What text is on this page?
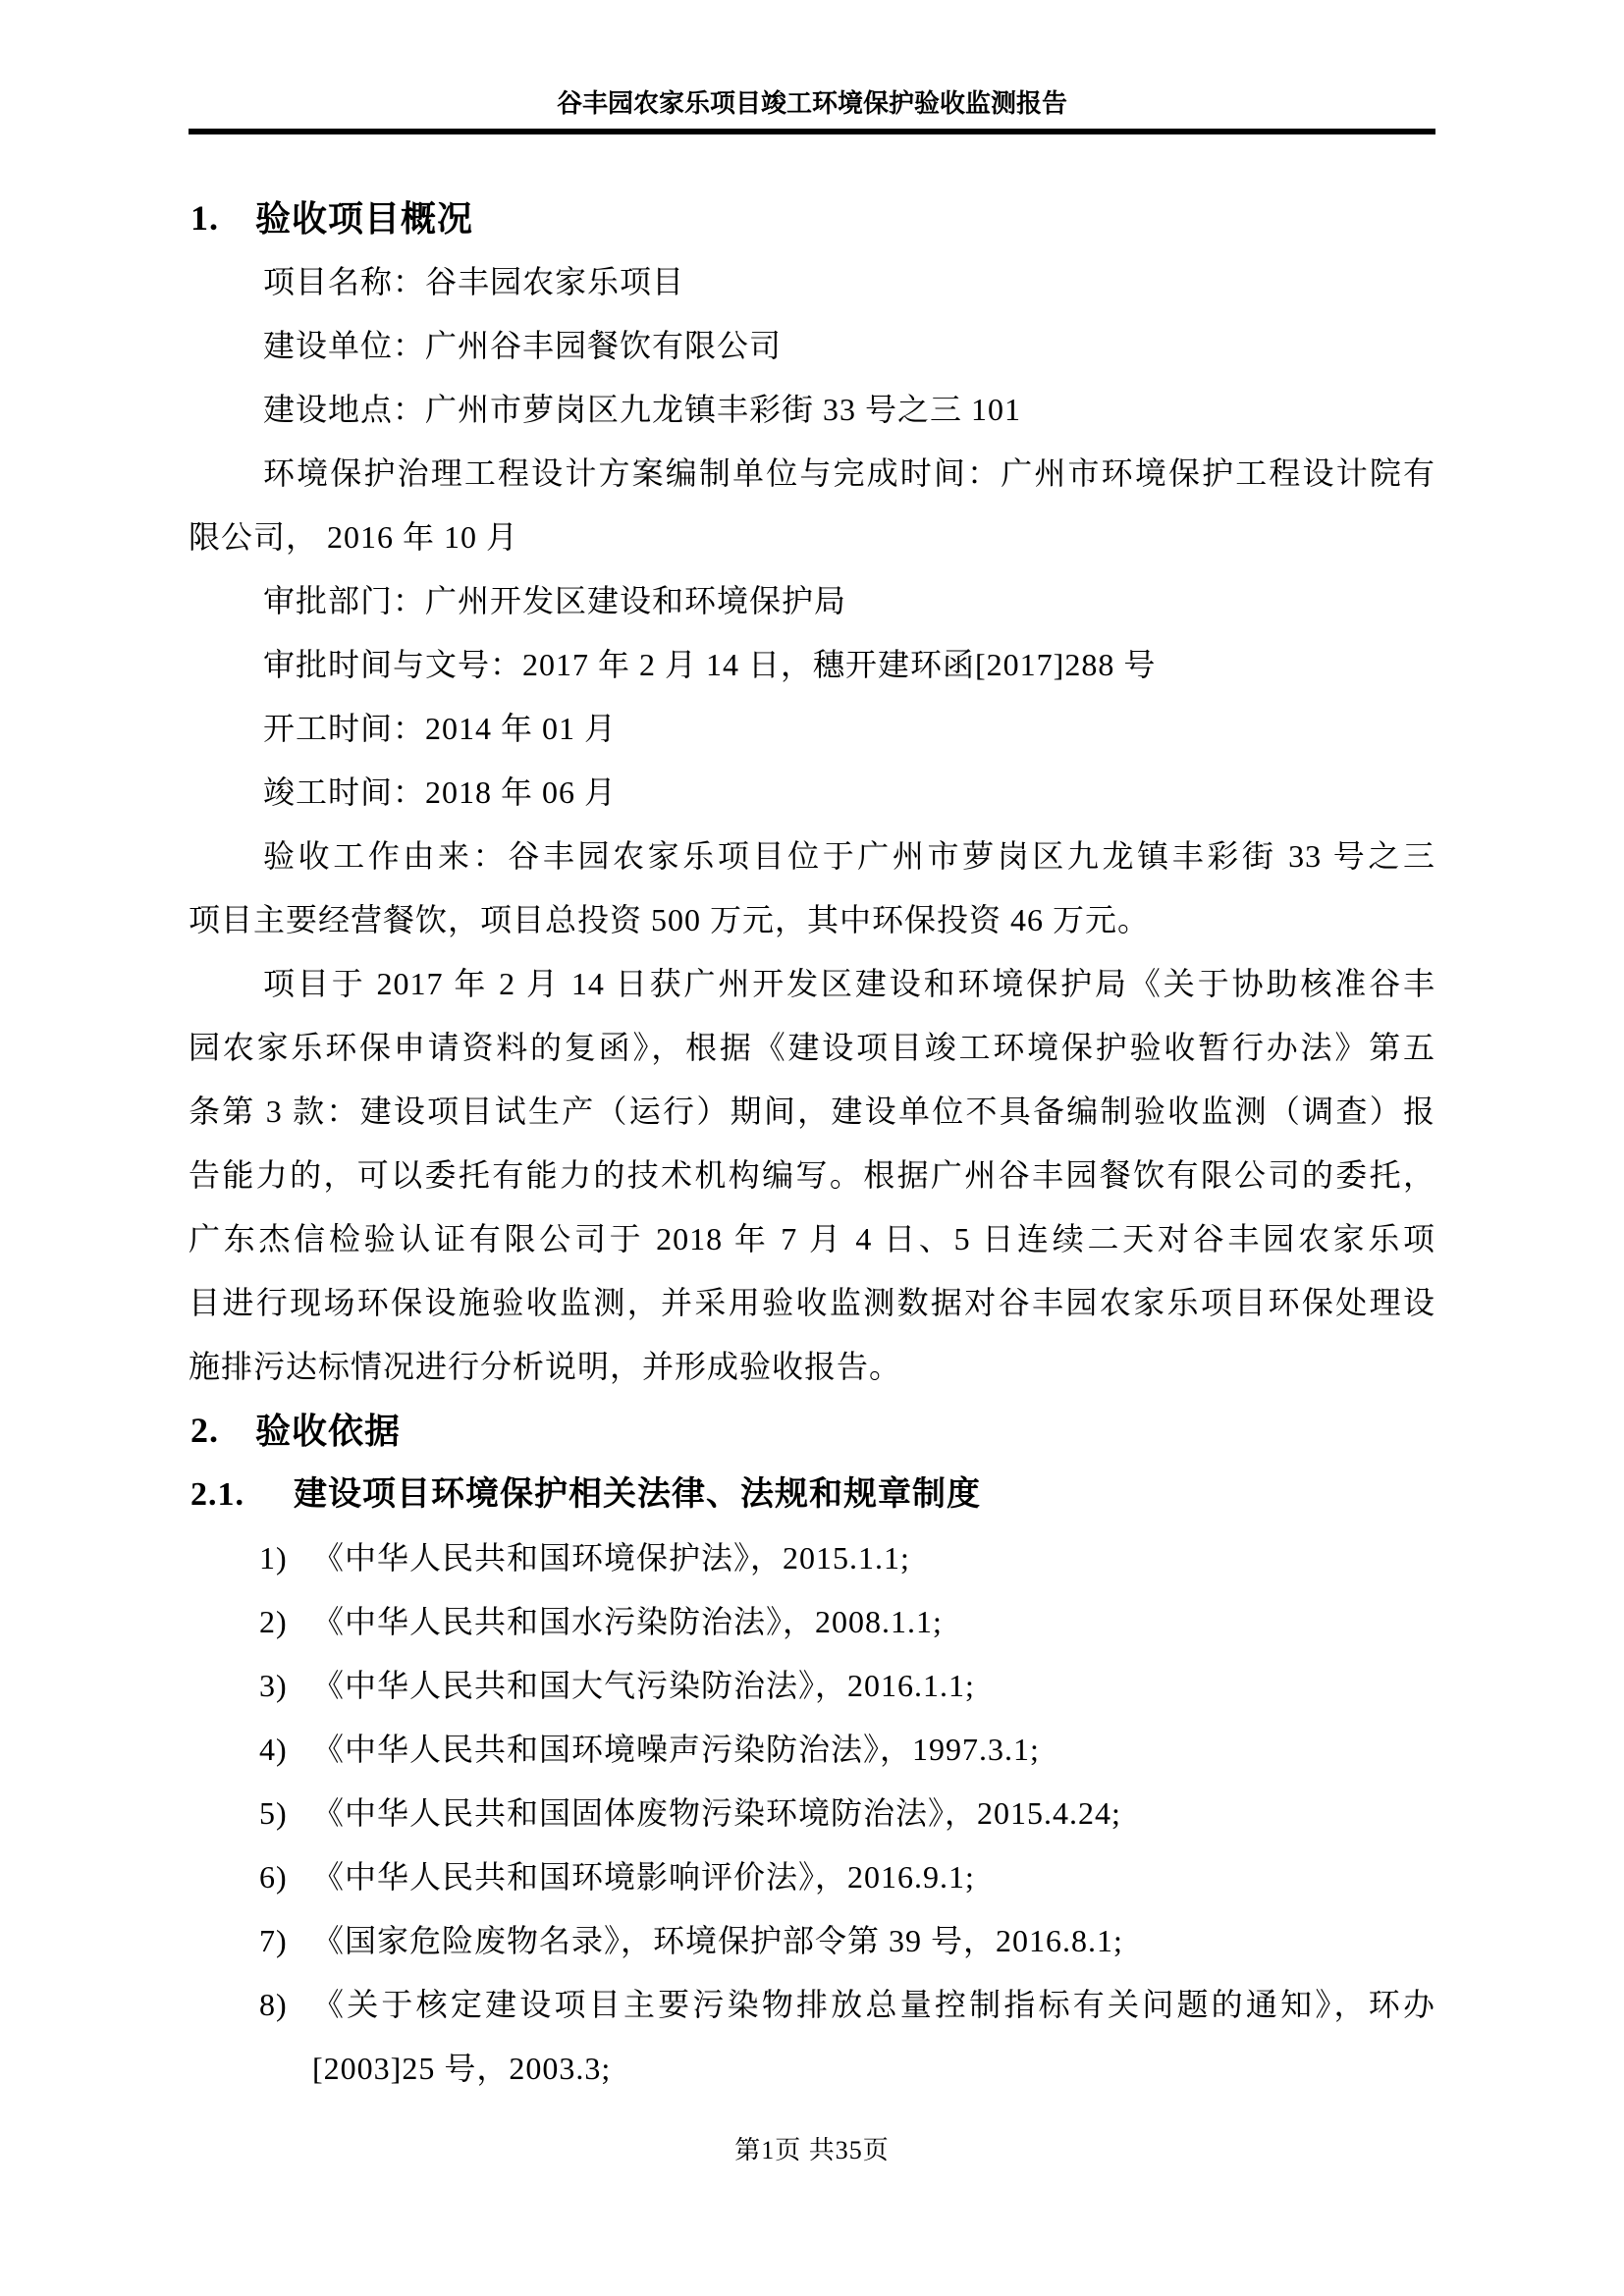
谷丰园农家乐项目竣工环境保护验收监测报告
1. 验收项目概况
项目名称：谷丰园农家乐项目
建设单位：广州谷丰园餐饮有限公司
建设地点：广州市萝岗区九龙镇丰彩街 33 号之三 101
环境保护治理工程设计方案编制单位与完成时间：广州市环境保护工程设计院有
限公司， 2016 年 10 月
审批部门：广州开发区建设和环境保护局
审批时间与文号：2017 年 2 月 14 日，穗开建环函[2017]288 号
开工时间：2014 年 01 月
竣工时间：2018 年 06 月
验收工作由来：谷丰园农家乐项目位于广州市萝岗区九龙镇丰彩街 33 号之三
项目主要经营餐饮，项目总投资 500 万元，其中环保投资 46 万元。
项目于 2017 年 2 月 14 日获广州开发区建设和环境保护局《关于协助核准谷丰
园农家乐环保申请资料的复函》，根据《建设项目竣工环境保护验收暂行办法》第五
条第 3 款：建设项目试生产（运行）期间，建设单位不具备编制验收监测（调查）报
告能力的，可以委托有能力的技术机构编写。根据广州谷丰园餐饮有限公司的委托，
广东杰信检验认证有限公司于 2018 年 7 月 4 日、5 日连续二天对谷丰园农家乐项
目进行现场环保设施验收监测，并采用验收监测数据对谷丰园农家乐项目环保处理设
施排污达标情况进行分析说明，并形成验收报告。
2. 验收依据
2.1. 建设项目环境保护相关法律、法规和规章制度
1) 《中华人民共和国环境保护法》，2015.1.1;
2) 《中华人民共和国水污染防治法》，2008.1.1;
3) 《中华人民共和国大气污染防治法》，2016.1.1;
4) 《中华人民共和国环境噪声污染防治法》，1997.3.1;
5) 《中华人民共和国固体废物污染环境防治法》，2015.4.24;
6) 《中华人民共和国环境影响评价法》，2016.9.1;
7) 《国家危险废物名录》，环境保护部令第 39 号，2016.8.1;
8) 《关于核定建设项目主要污染物排放总量控制指标有关问题的通知》，环办
[2003]25 号，2003.3;
第1页 共35页
